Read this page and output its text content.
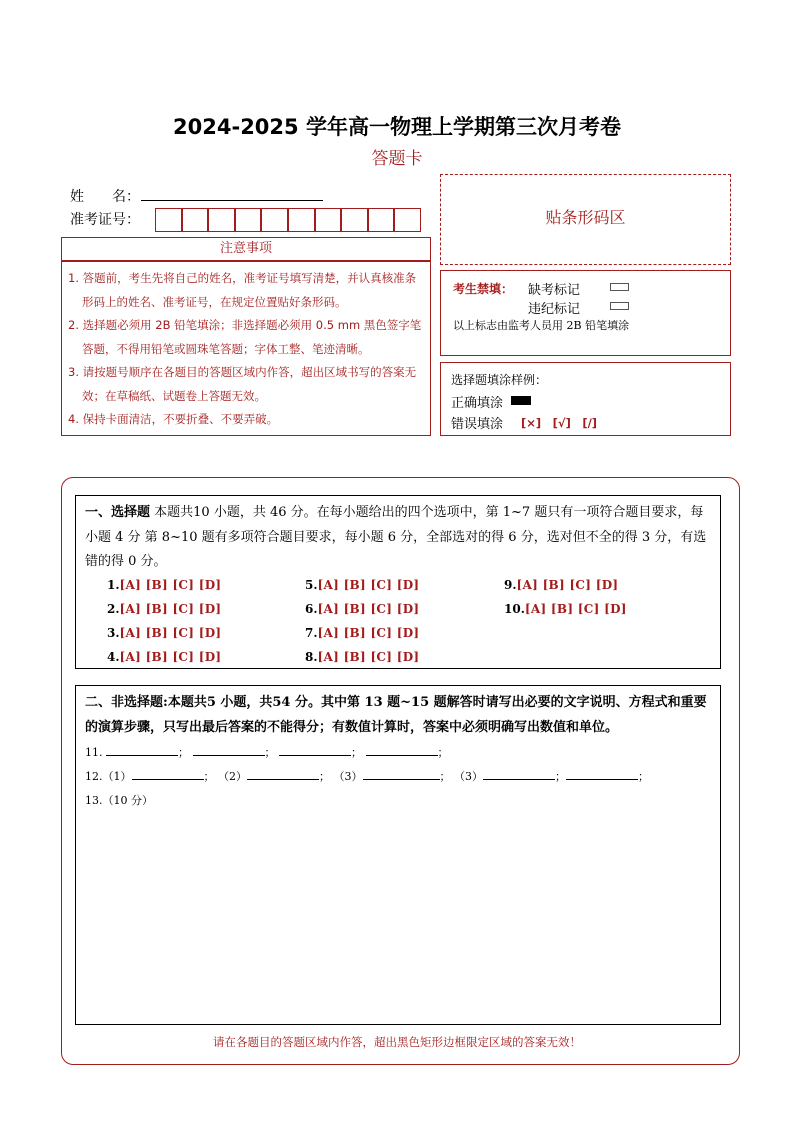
2024-2025 学年高一物理上学期第三次月考卷
答题卡
姓　　名：
准考证号：
注意事项
1. 答题前，考生先将自己的姓名，准考证号填写清楚，并认真核准条形码上的姓名、准考证号，在规定位置贴好条形码。
2. 选择题必须用 2B 铅笔填涂；非选择题必须用 0.5 mm 黑色签字笔答题，不得用铅笔或圆珠笔答题；字体工整、笔迹清晰。
3. 请按题号顺序在各题目的答题区域内作答，超出区域书写的答案无效；在草稿纸、试题卷上答题无效。
4. 保持卡面清洁，不要折叠、不要弄破。
贴条形码区
考生禁填： 缺考标记
违纪标记
以上标志由监考人员用 2B 铅笔填涂
选择题填涂样例：
正确填涂
错误填涂 [×]　[√]　[/]
一、选择题 本题共10 小题，共 46 分。在每小题给出的四个选项中，第 1~7 题只有一项符合题目要求，每小题 4 分 第 8~10 题有多项符合题目要求，每小题 6 分，全部选对的得 6 分，选对但不全的得 3 分，有选错的得 0 分。
1.[A] [B] [C] [D]
2.[A] [B] [C] [D]
3.[A] [B] [C] [D]
4.[A] [B] [C] [D]
5.[A] [B] [C] [D]
6.[A] [B] [C] [D]
7.[A] [B] [C] [D]
8.[A] [B] [C] [D]
9.[A] [B] [C] [D]
10.[A] [B] [C] [D]
二、非选择题:本题共5 小题，共54 分。其中第 13 题~15 题解答时请写出必要的文字说明、方程式和重要的演算步骤，只写出最后答案的不能得分；有数值计算时，答案中必须明确写出数值和单位。
11.	；	；	；	；
12.（1）	； （2）	； （3）	； （3）	；	；
13.（10 分）
请在各题目的答题区域内作答，超出黑色矩形边框限定区域的答案无效！
